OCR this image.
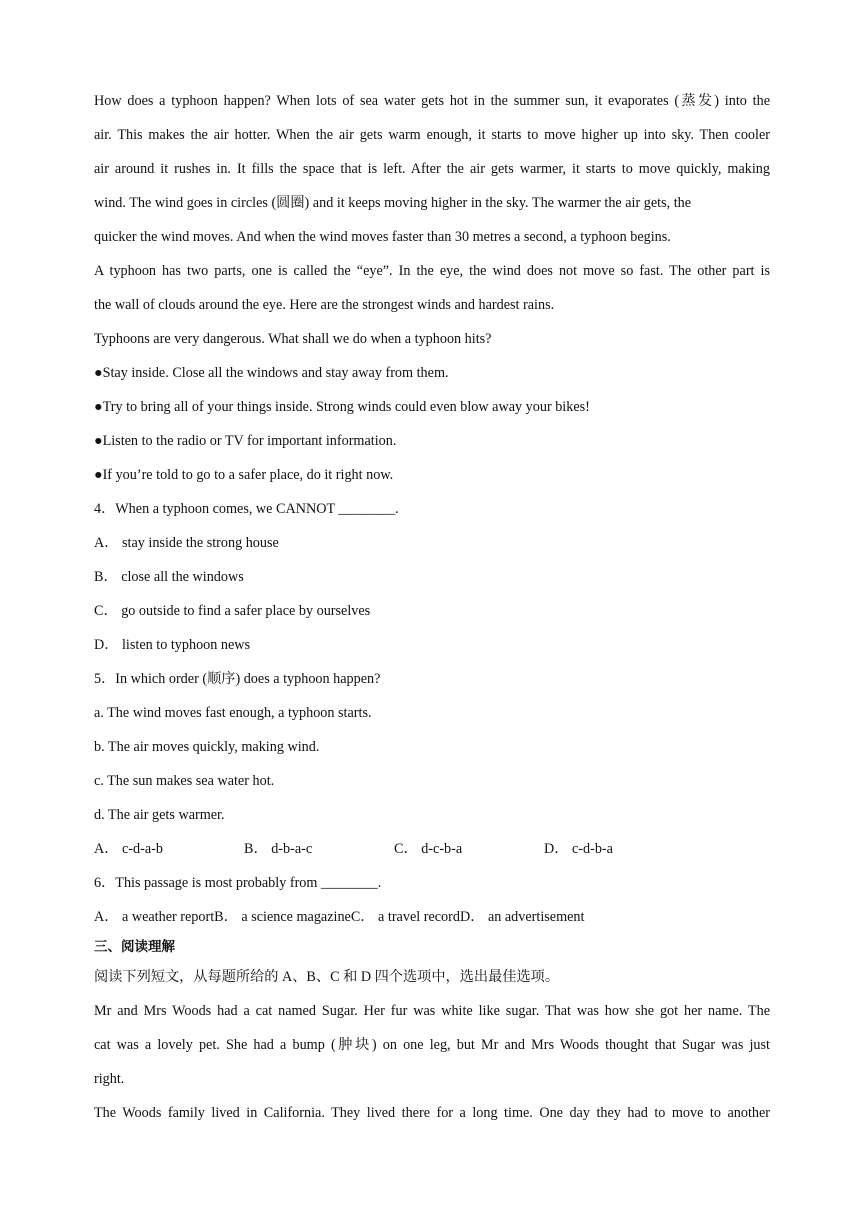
How does a typhoon happen? When lots of sea water gets hot in the summer sun, it evaporates (蒸发) into the
air. This makes the air hotter. When the air gets warm enough, it starts to move higher up into sky. Then cooler
air around it rushes in. It fills the space that is left. After the air gets warmer, it starts to move quickly, making
wind. The wind goes in circles (圆圈) and it keeps moving higher in the sky. The warmer the air gets, the
quicker the wind moves. And when the wind moves faster than 30 metres a second, a typhoon begins.
A typhoon has two parts, one is called the “eye”. In the eye, the wind does not move so fast. The other part is
the wall of clouds around the eye. Here are the strongest winds and hardest rains.
Typhoons are very dangerous. What shall we do when a typhoon hits?
●Stay inside. Close all the windows and stay away from them.
●Try to bring all of your things inside. Strong winds could even blow away your bikes!
●Listen to the radio or TV for important information.
●If you’re told to go to a safer place, do it right now.
4．When a typhoon comes, we CANNOT ________.
A． stay inside the strong house
B． close all the windows
C． go outside to find a safer place by ourselves
D． listen to typhoon news
5．In which order (顺序) does a typhoon happen?
a. The wind moves fast enough, a typhoon starts.
b. The air moves quickly, making wind.
c. The sun makes sea water hot.
d. The air gets warmer.
A． c-d-a-b	B． d-b-a-c	C． d-c-b-a	D． c-d-b-a
6．This passage is most probably from ________.
A． a weather reportB． a science magazineC． a travel recordD． an advertisement
三、阅读理解
阅读下列短文，从每题所给的 A、B、C 和 D 四个选项中，选出最佳选项。
Mr and Mrs Woods had a cat named Sugar. Her fur was white like sugar. That was how she got her name. The
cat was a lovely pet. She had a bump (肿块) on one leg, but Mr and Mrs Woods thought that Sugar was just
right.
The Woods family lived in California. They lived there for a long time. One day they had to move to another
